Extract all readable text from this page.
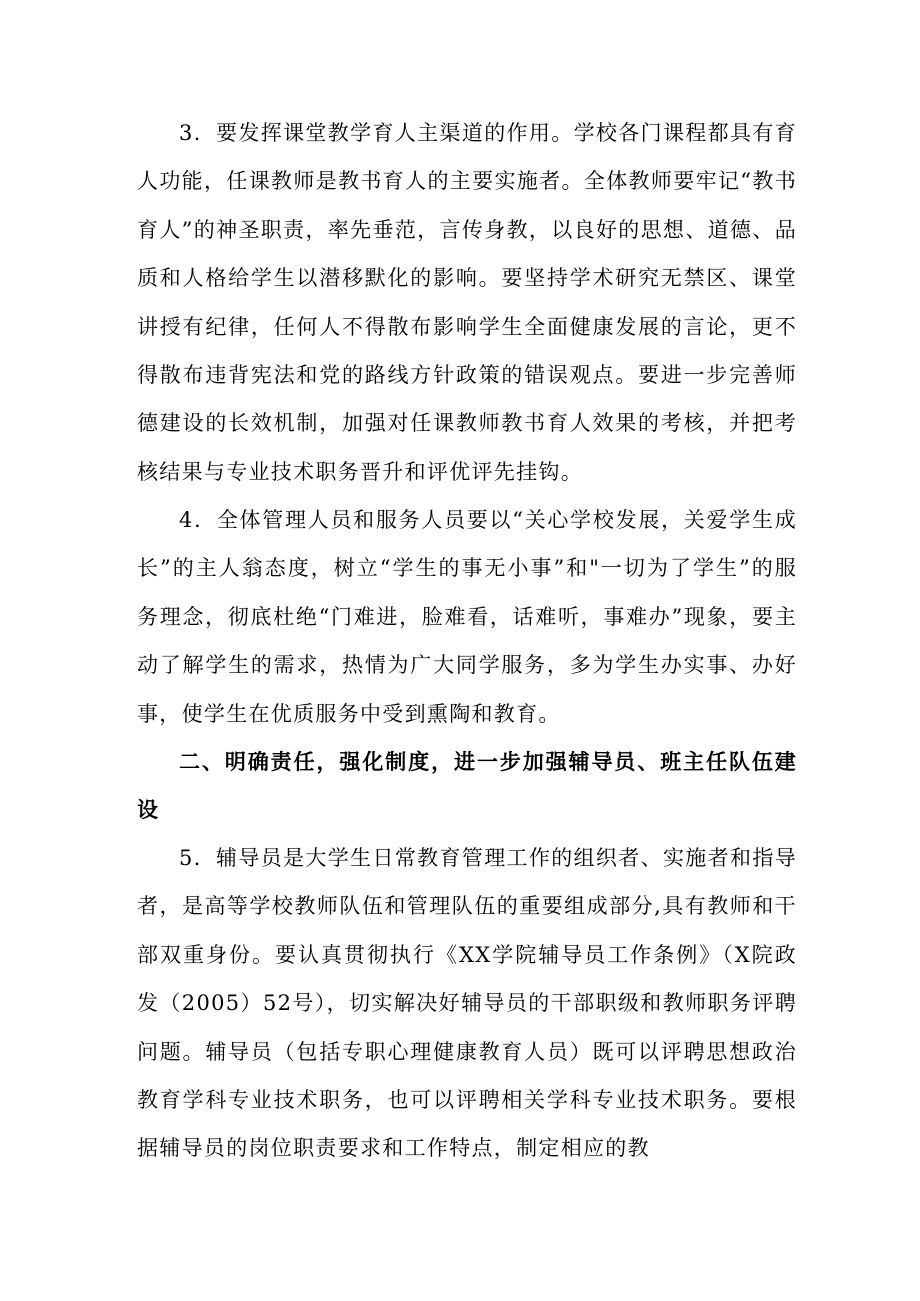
3．要发挥课堂教学育人主渠道的作用。学校各门课程都具有育人功能，任课教师是教书育人的主要实施者。全体教师要牢记“教书育人”的神圣职责，率先垂范，言传身教，以良好的思想、道德、品质和人格给学生以潜移默化的影响。要坚持学术研究无禁区、课堂讲授有纪律，任何人不得散布影响学生全面健康发展的言论，更不得散布违背宪法和党的路线方针政策的错误观点。要进一步完善师德建设的长效机制，加强对任课教师教书育人效果的考核，并把考核结果与专业技术职务晋升和评优评先挂钩。

4．全体管理人员和服务人员要以“关心学校发展，关爱学生成长”的主人翁态度，树立“学生的事无小事”和"一切为了学生”的服务理念，彻底杜绝“门难进，脸难看，话难听，事难办”现象，要主动了解学生的需求，热情为广大同学服务，多为学生办实事、办好事，使学生在优质服务中受到熏陶和教育。

二、明确责任，强化制度，进一步加强辅导员、班主任队伍建设

5．辅导员是大学生日常教育管理工作的组织者、实施者和指导者，是高等学校教师队伍和管理队伍的重要组成部分,具有教师和干部双重身份。要认真贯彻执行《XX学院辅导员工作条例》（X院政发（2005）52号），切实解决好辅导员的干部职级和教师职务评聘问题。辅导员（包括专职心理健康教育人员）既可以评聘思想政治教育学科专业技术职务，也可以评聘相关学科专业技术职务。要根据辅导员的岗位职责要求和工作特点，制定相应的教
